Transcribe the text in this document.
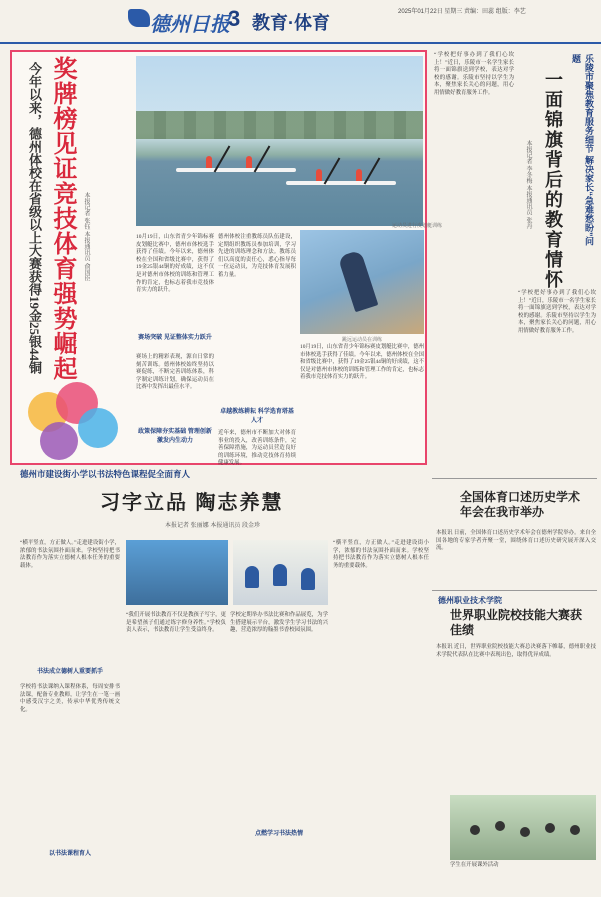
德州日报
3 教育·体育
2025年01月22日 星期三 责编：田蕊 组版：李艺
今年以来，德州体校在省级以上大赛获得19金25银44铜 奖牌榜见证竞技体育强势崛起 本报记者 张钰 本报通讯员 俞国臣	运动员进行皮划艇训练
10月19日，山东省青少年锦标赛皮划艇比赛中，德州市体校选手获得了佳绩。今年以来，德州体校在全国和省级比赛中，获得了19金25银44铜的好成绩，这不仅是对德州市体校的训练和管理工作的肯定，也标志着我市竞技体育实力的跃升。
赛场突破 见证整体实力跃升
赛场上的精彩表现，源自日常的刻苦训练。德州体校始终坚持以赛促练，不断完善训练体系，科学制定训练计划，确保运动员在比赛中发挥出最佳水平。
德州体校注重教练员队伍建设，定期组织教练员参加培训，学习先进的训练理念和方法。教练员们以高度的责任心，悉心指导每一位运动员，为竞技体育发展积蓄力量。
卓越教练耕耘 科学选育塔基人才
近年来，德州市不断加大对体育事业的投入，改善训练条件，完善保障措施，为运动员营造良好的训练环境，推动竞技体育持续健康发展。
跳远运动员在训练
10月19日，山东省青少年锦标赛皮划艇比赛中，德州市体校选手获得了佳绩。今年以来，德州体校在全国和省级比赛中，获得了19金25银44铜的好成绩，这不仅是对德州市体校的训练和管理工作的肯定，也标志着我市竞技体育实力的跃升。
政策保障夯实基础 管理创新激发内生动力
乐陵市聚焦教育服务细节 解决家长“急难愁盼”问题
一面锦旗背后的教育情怀
本报记者 李冬梅 本报通讯员 张丹
“学校把好事办到了我们心坎上！”近日，乐陵市一名学生家长将一面锦旗送到学校，表达对学校的感谢。乐陵市坚持以学生为本，聚焦家长关心的问题，用心用情做好教育服务工作。
“学校把好事办到了我们心坎上！”近日，乐陵市一名学生家长将一面锦旗送到学校，表达对学校的感谢。乐陵市坚持以学生为本，聚焦家长关心的问题，用心用情做好教育服务工作。
全国体育口述历史学术年会在我市举办
本报讯 日前，全国体育口述历史学术年会在德州学院举办。来自全国各地的专家学者齐聚一堂，围绕体育口述历史研究展开深入交流。
德州职业技术学院
世界职业院校技能大赛获佳绩
本报讯 近日，世界职业院校技能大赛总决赛落下帷幕，德州职业技术学院代表队在比赛中表现出色，取得优异成绩。
学生在开展课外活动
德州市建设街小学以书法特色课程促全面育人
习字立品 陶志养慧
本报记者 张丽娜 本报通讯员 段金珍
“横平竖直，方正做人。”走进建设街小学，浓郁的书法氛围扑面而来。学校坚持把书法教育作为落实立德树人根本任务的重要载体。
书法成立德树人重要抓手
学校将书法课纳入课程体系，每周安排书法课，配备专业教师，让学生在一笔一画中感受汉字之美，传承中华优秀传统文化。
以书法课程育人
“我们开展书法教育不仅是教孩子写字，更是希望孩子们通过练字修身养性。”学校负责人表示，书法教育让学生受益终身。
点燃学习书法热情
学校定期举办书法比赛和作品展览，为学生搭建展示平台，激发学生学习书法的兴趣，营造浓厚的翰墨书香校园氛围。
“横平竖直，方正做人。”走进建设街小学，浓郁的书法氛围扑面而来。学校坚持把书法教育作为落实立德树人根本任务的重要载体。
